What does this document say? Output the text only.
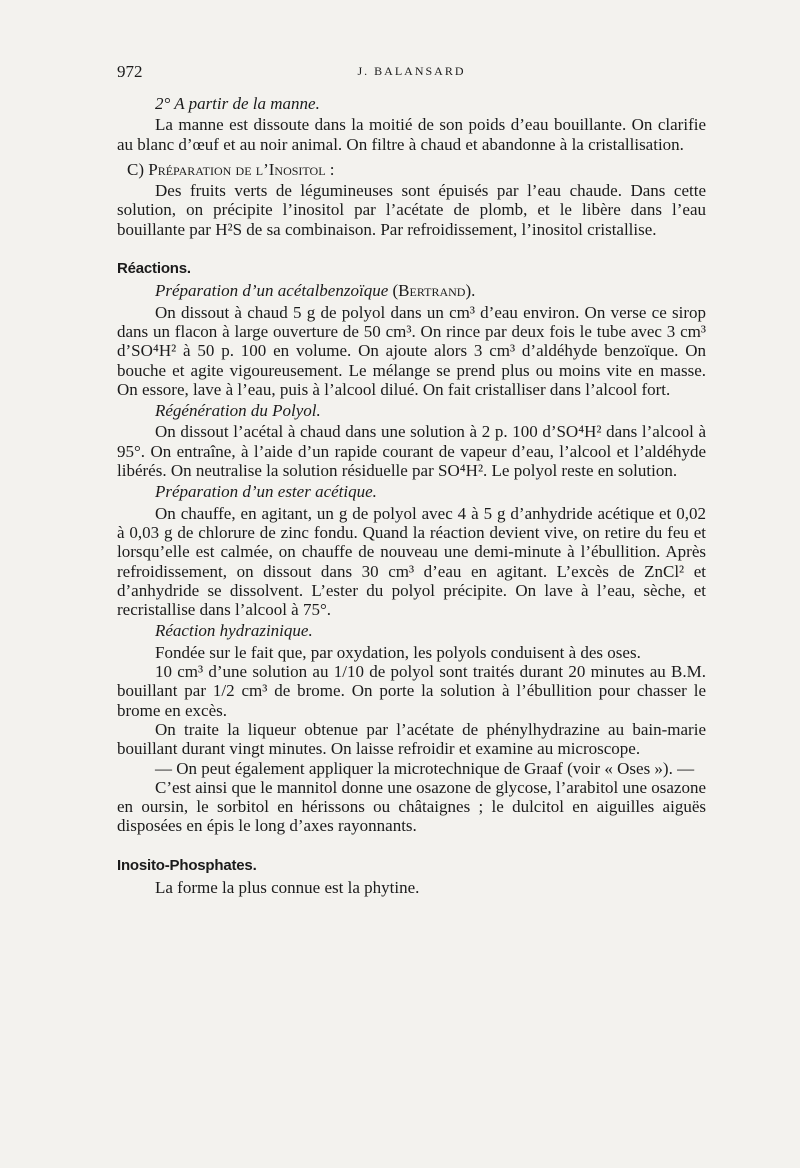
972	J. BALANSARD

2° A partir de la manne.

La manne est dissoute dans la moitié de son poids d’eau bouillante. On clarifie au blanc d’œuf et au noir animal. On filtre à chaud et abandonne à la cristallisation.

C) Préparation de l’Inositol :

Des fruits verts de légumineuses sont épuisés par l’eau chaude. Dans cette solution, on précipite l’inositol par l’acétate de plomb, et le libère dans l’eau bouillante par H²S de sa combinaison. Par refroidissement, l’inositol cristallise.

Réactions.

Préparation d’un acétalbenzoïque (Bertrand).

On dissout à chaud 5 g de polyol dans un cm³ d’eau environ. On verse ce sirop dans un flacon à large ouverture de 50 cm³. On rince par deux fois le tube avec 3 cm³ d’SO⁴H² à 50 p. 100 en volume. On ajoute alors 3 cm³ d’aldéhyde benzoïque. On bouche et agite vigoureusement. Le mélange se prend plus ou moins vite en masse. On essore, lave à l’eau, puis à l’alcool dilué. On fait cristalliser dans l’alcool fort.

Régénération du Polyol.

On dissout l’acétal à chaud dans une solution à 2 p. 100 d’SO⁴H² dans l’alcool à 95°. On entraîne, à l’aide d’un rapide courant de vapeur d’eau, l’alcool et l’aldéhyde libérés. On neutralise la solution résiduelle par SO⁴H². Le polyol reste en solution.

Préparation d’un ester acétique.

On chauffe, en agitant, un g de polyol avec 4 à 5 g d’anhydride acétique et 0,02 à 0,03 g de chlorure de zinc fondu. Quand la réaction devient vive, on retire du feu et lorsqu’elle est calmée, on chauffe de nouveau une demi-minute à l’ébullition. Après refroidissement, on dissout dans 30 cm³ d’eau en agitant. L’excès de ZnCl² et d’anhydride se dissolvent. L’ester du polyol précipite. On lave à l’eau, sèche, et recristallise dans l’alcool à 75°.

Réaction hydrazinique.

Fondée sur le fait que, par oxydation, les polyols conduisent à des oses.

10 cm³ d’une solution au 1/10 de polyol sont traités durant 20 minutes au B.M. bouillant par 1/2 cm³ de brome. On porte la solution à l’ébullition pour chasser le brome en excès.

On traite la liqueur obtenue par l’acétate de phénylhydrazine au bain-marie bouillant durant vingt minutes. On laisse refroidir et examine au microscope.

— On peut également appliquer la microtechnique de Graaf (voir « Oses »). —

C’est ainsi que le mannitol donne une osazone de glycose, l’arabitol une osazone en oursin, le sorbitol en hérissons ou châtaignes ; le dulcitol en aiguilles aiguës disposées en épis le long d’axes rayonnants.

Inosito-Phosphates.

La forme la plus connue est la phytine.
